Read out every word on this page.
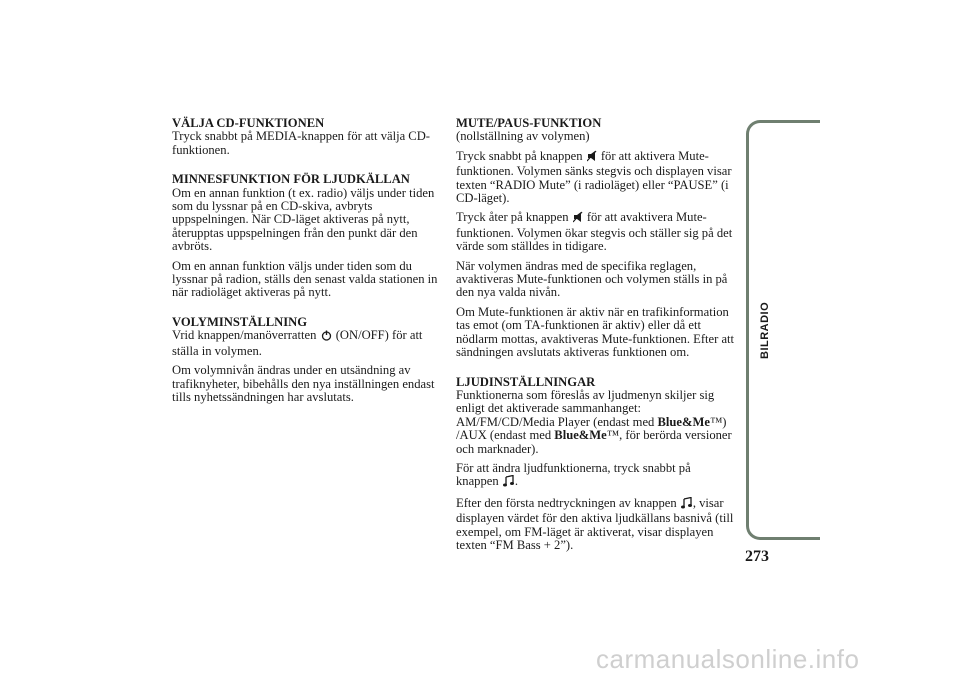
VÄLJA CD-FUNKTIONEN

Tryck snabbt på MEDIA-knappen för att välja CD-funktionen.

MINNESFUNKTION FÖR LJUDKÄLLAN

Om en annan funktion (t ex. radio) väljs under tiden som du lyssnar på en CD-skiva, avbryts uppspelningen. När CD-läget aktiveras på nytt, återupptas uppspelningen från den punkt där den avbröts.

Om en annan funktion väljs under tiden som du lyssnar på radion, ställs den senast valda stationen in när radioläget aktiveras på nytt.

VOLYMINSTÄLLNING

Vrid knappen/manöverratten (ON/OFF) för att ställa in volymen.

Om volymnivån ändras under en utsändning av trafiknyheter, bibehålls den nya inställningen endast tills nyhetssändningen har avslutats.

MUTE/PAUS-FUNKTION

(nollställning av volymen)

Tryck snabbt på knappen för att aktivera Mute-funktionen. Volymen sänks stegvis och displayen visar texten “RADIO Mute” (i radioläget) eller “PAUSE” (i CD-läget).

Tryck åter på knappen för att avaktivera Mute-funktionen. Volymen ökar stegvis och ställer sig på det värde som ställdes in tidigare.

När volymen ändras med de specifika reglagen, avaktiveras Mute-funktionen och volymen ställs in på den nya valda nivån.

Om Mute-funktionen är aktiv när en trafikinformation tas emot (om TA-funktionen är aktiv) eller då ett nödlarm mottas, avaktiveras Mute-funktionen. Efter att sändningen avslutats aktiveras funktionen om.

LJUDINSTÄLLNINGAR

Funktionerna som föreslås av ljudmenyn skiljer sig enligt det aktiverade sammanhanget: AM/FM/CD/Media Player (endast med Blue&Me™) /AUX (endast med Blue&Me™, för berörda versioner och marknader).

För att ändra ljudfunktionerna, tryck snabbt på knappen .

Efter den första nedtryckningen av knappen , visar displayen värdet för den aktiva ljudkällans basnivå (till exempel, om FM-läget är aktiverat, visar displayen texten “FM Bass + 2”).

BILRADIO
273
carmanualsonline.info
